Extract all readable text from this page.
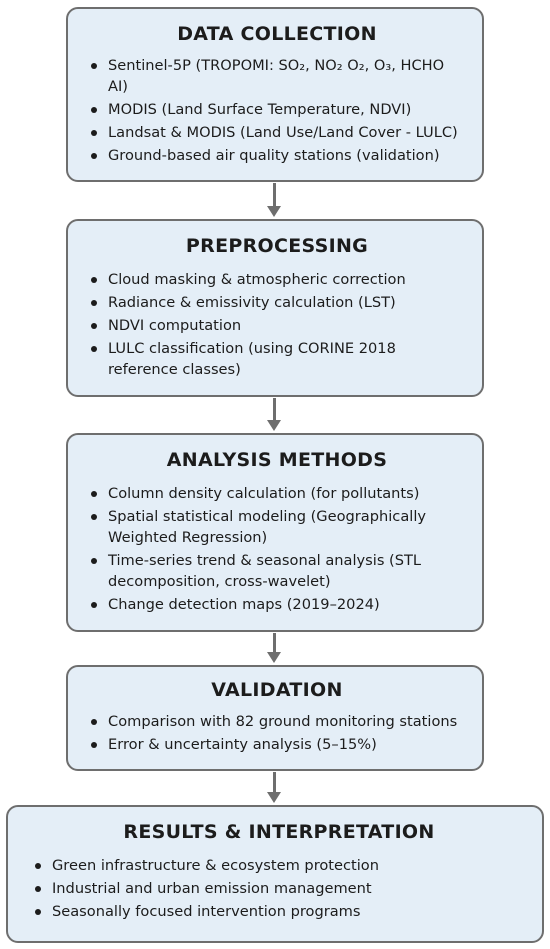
DATA COLLECTION
Sentinel-5P (TROPOMI: SO₂, NO₂ O₂, O₃, HCHO AI)
MODIS (Land Surface Temperature, NDVI)
Landsat & MODIS (Land Use/Land Cover - LULC)
Ground-based air quality stations (validation)
PREPROCESSING
Cloud masking & atmospheric correction
Radiance & emissivity calculation (LST)
NDVI computation
LULC classification (using CORINE 2018 reference classes)
ANALYSIS METHODS
Column density calculation (for pollutants)
Spatial statistical modeling (Geographically Weighted Regression)
Time-series trend & seasonal analysis (STL decomposition, cross-wavelet)
Change detection maps (2019–2024)
VALIDATION
Comparison with 82 ground monitoring stations
Error & uncertainty analysis (5–15%)
RESULTS & INTERPRETATION
Green infrastructure & ecosystem protection
Industrial and urban emission management
Seasonally focused intervention programs
